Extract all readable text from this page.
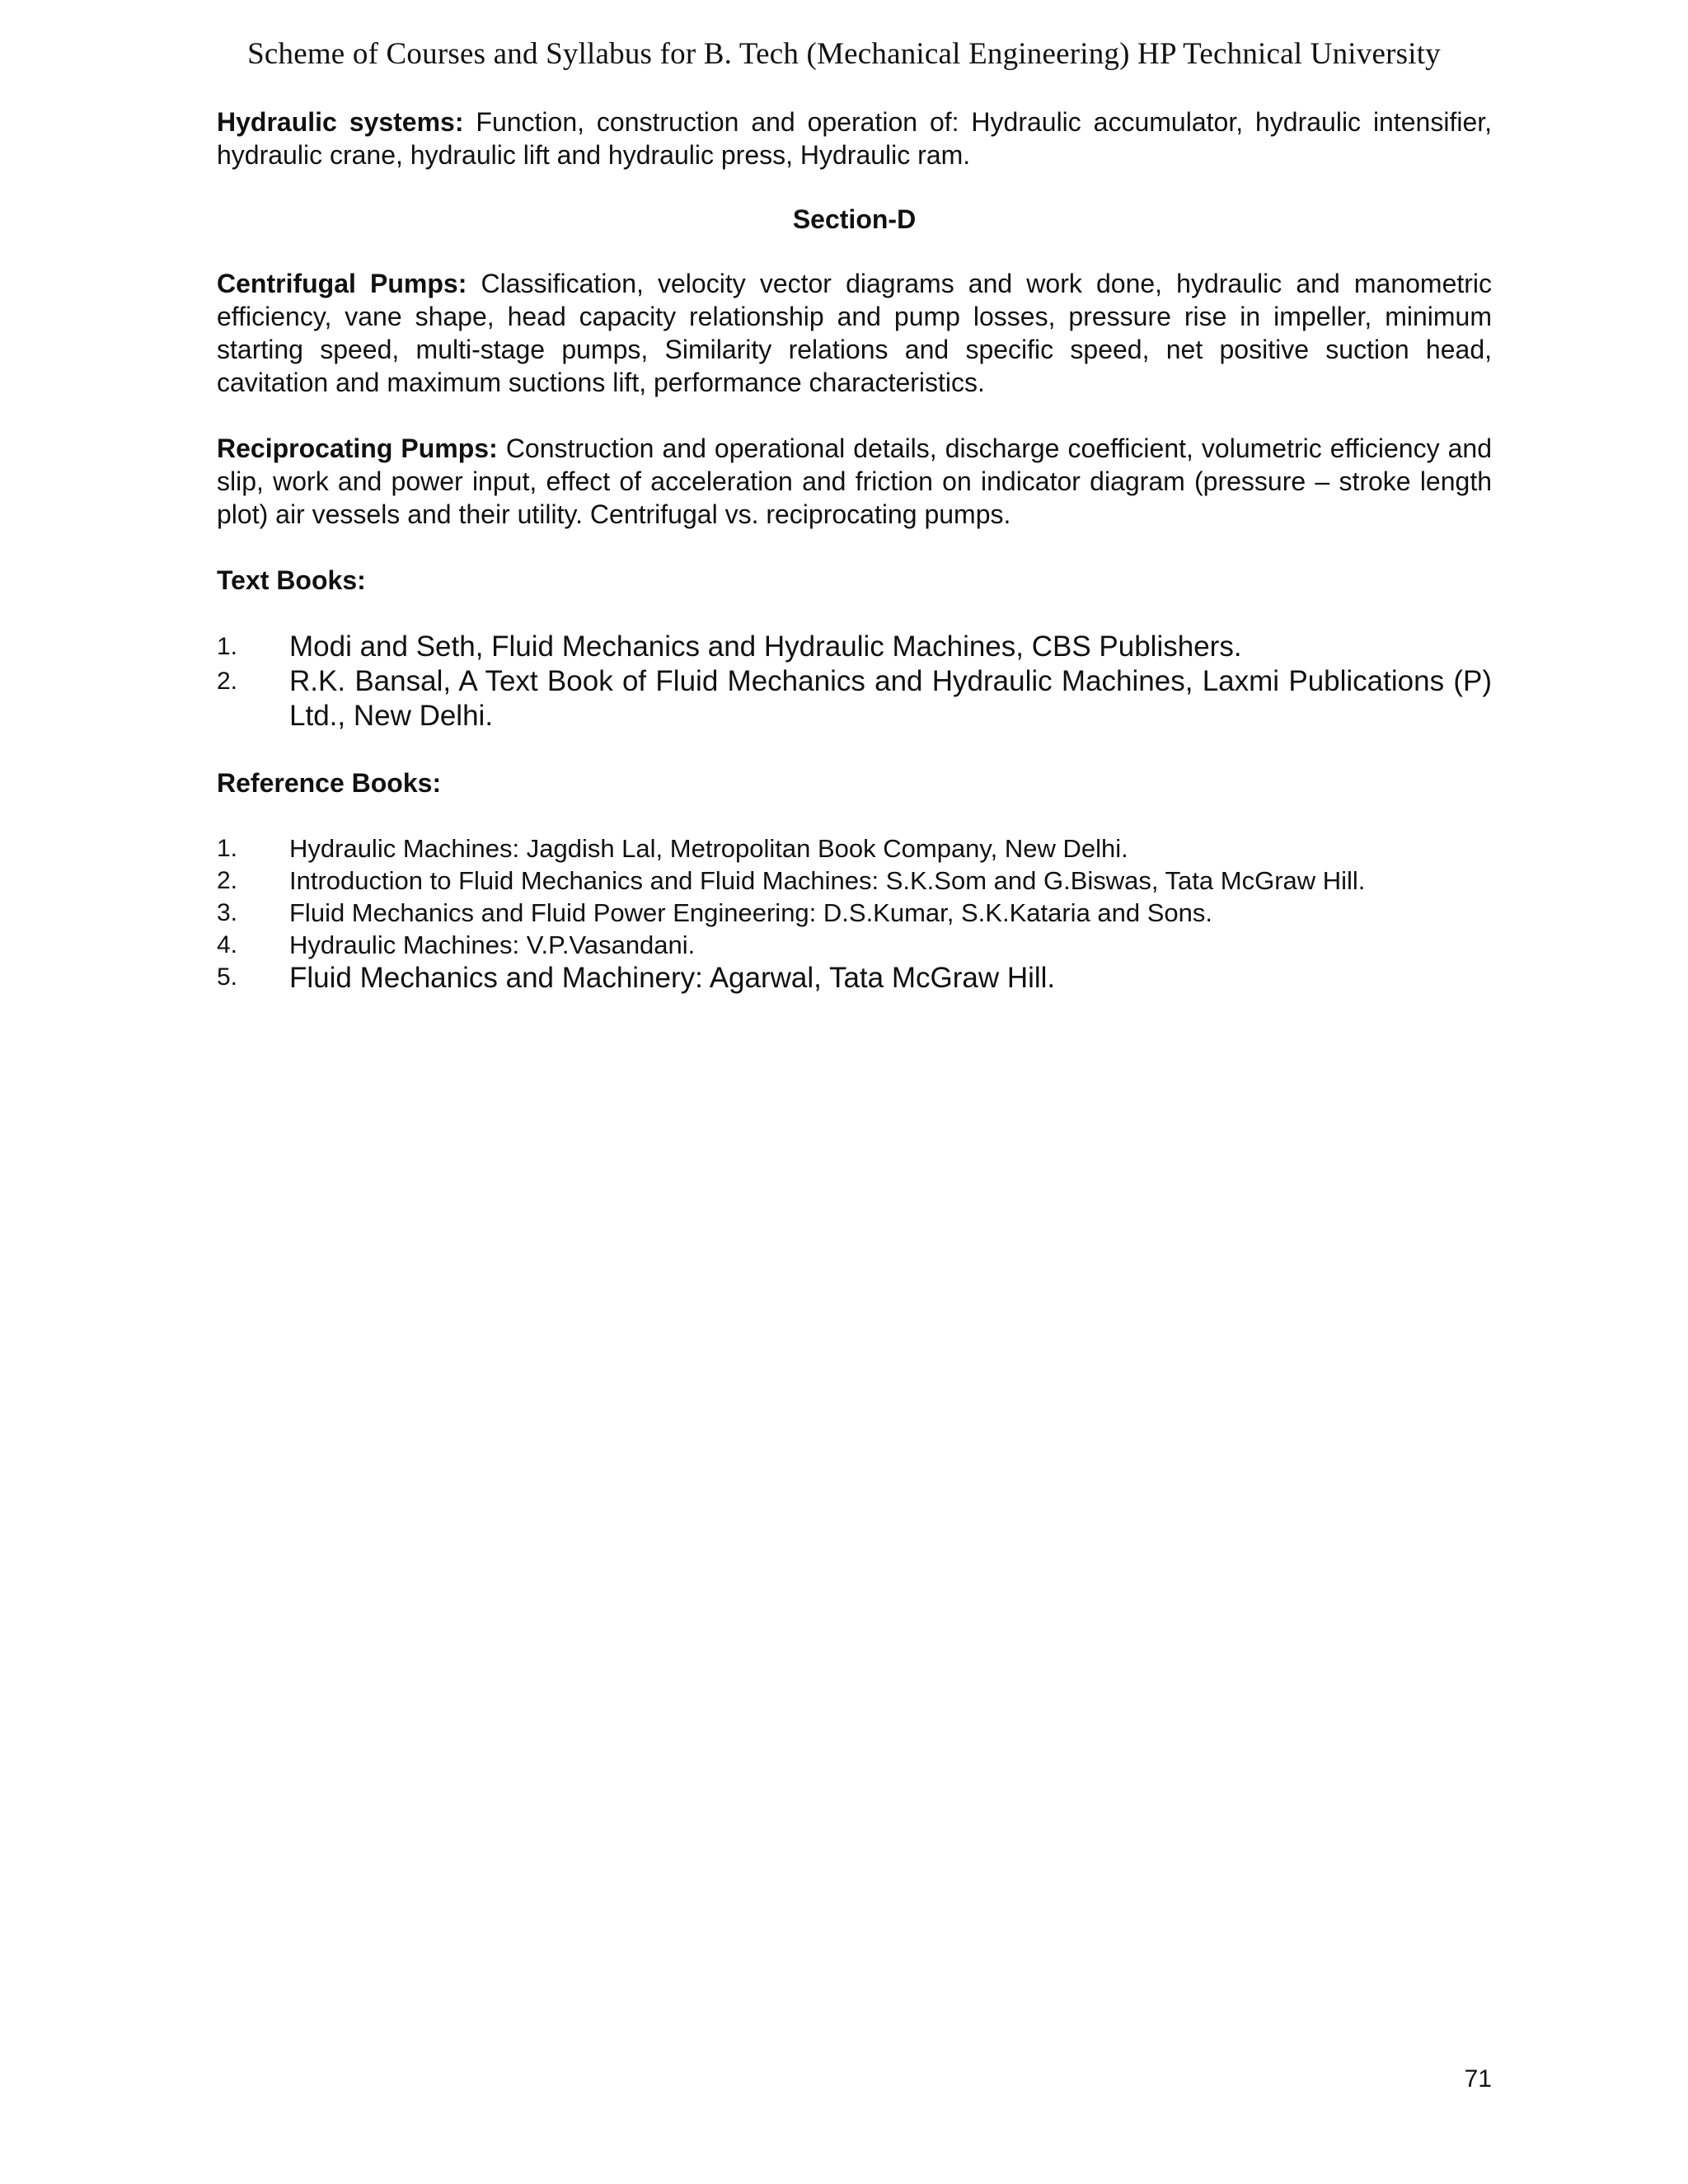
Scheme of Courses and Syllabus for B. Tech (Mechanical Engineering) HP Technical University

Hydraulic systems: Function, construction and operation of: Hydraulic accumulator, hydraulic intensifier, hydraulic crane, hydraulic lift and hydraulic press, Hydraulic ram.

Section-D

Centrifugal Pumps: Classification, velocity vector diagrams and work done, hydraulic and manometric efficiency, vane shape, head capacity relationship and pump losses, pressure rise in impeller, minimum starting speed, multi-stage pumps, Similarity relations and specific speed, net positive suction head, cavitation and maximum suctions lift, performance characteristics.

Reciprocating Pumps: Construction and operational details, discharge coefficient, volumetric efficiency and slip, work and power input, effect of acceleration and friction on indicator diagram (pressure – stroke length plot) air vessels and their utility. Centrifugal vs. reciprocating pumps.

Text Books:
1.	Modi and Seth, Fluid Mechanics and Hydraulic Machines, CBS Publishers.
2.	R.K. Bansal, A Text Book of Fluid Mechanics and Hydraulic Machines, Laxmi Publications (P) Ltd., New Delhi.
Reference Books:
1.	Hydraulic Machines: Jagdish Lal, Metropolitan Book Company, New Delhi.
2.	Introduction to Fluid Mechanics and Fluid Machines: S.K.Som and G.Biswas, Tata McGraw Hill.
3.	Fluid Mechanics and Fluid Power Engineering: D.S.Kumar, S.K.Kataria and Sons.
4.	Hydraulic Machines: V.P.Vasandani.
5.	Fluid Mechanics and Machinery: Agarwal, Tata McGraw Hill.
71
